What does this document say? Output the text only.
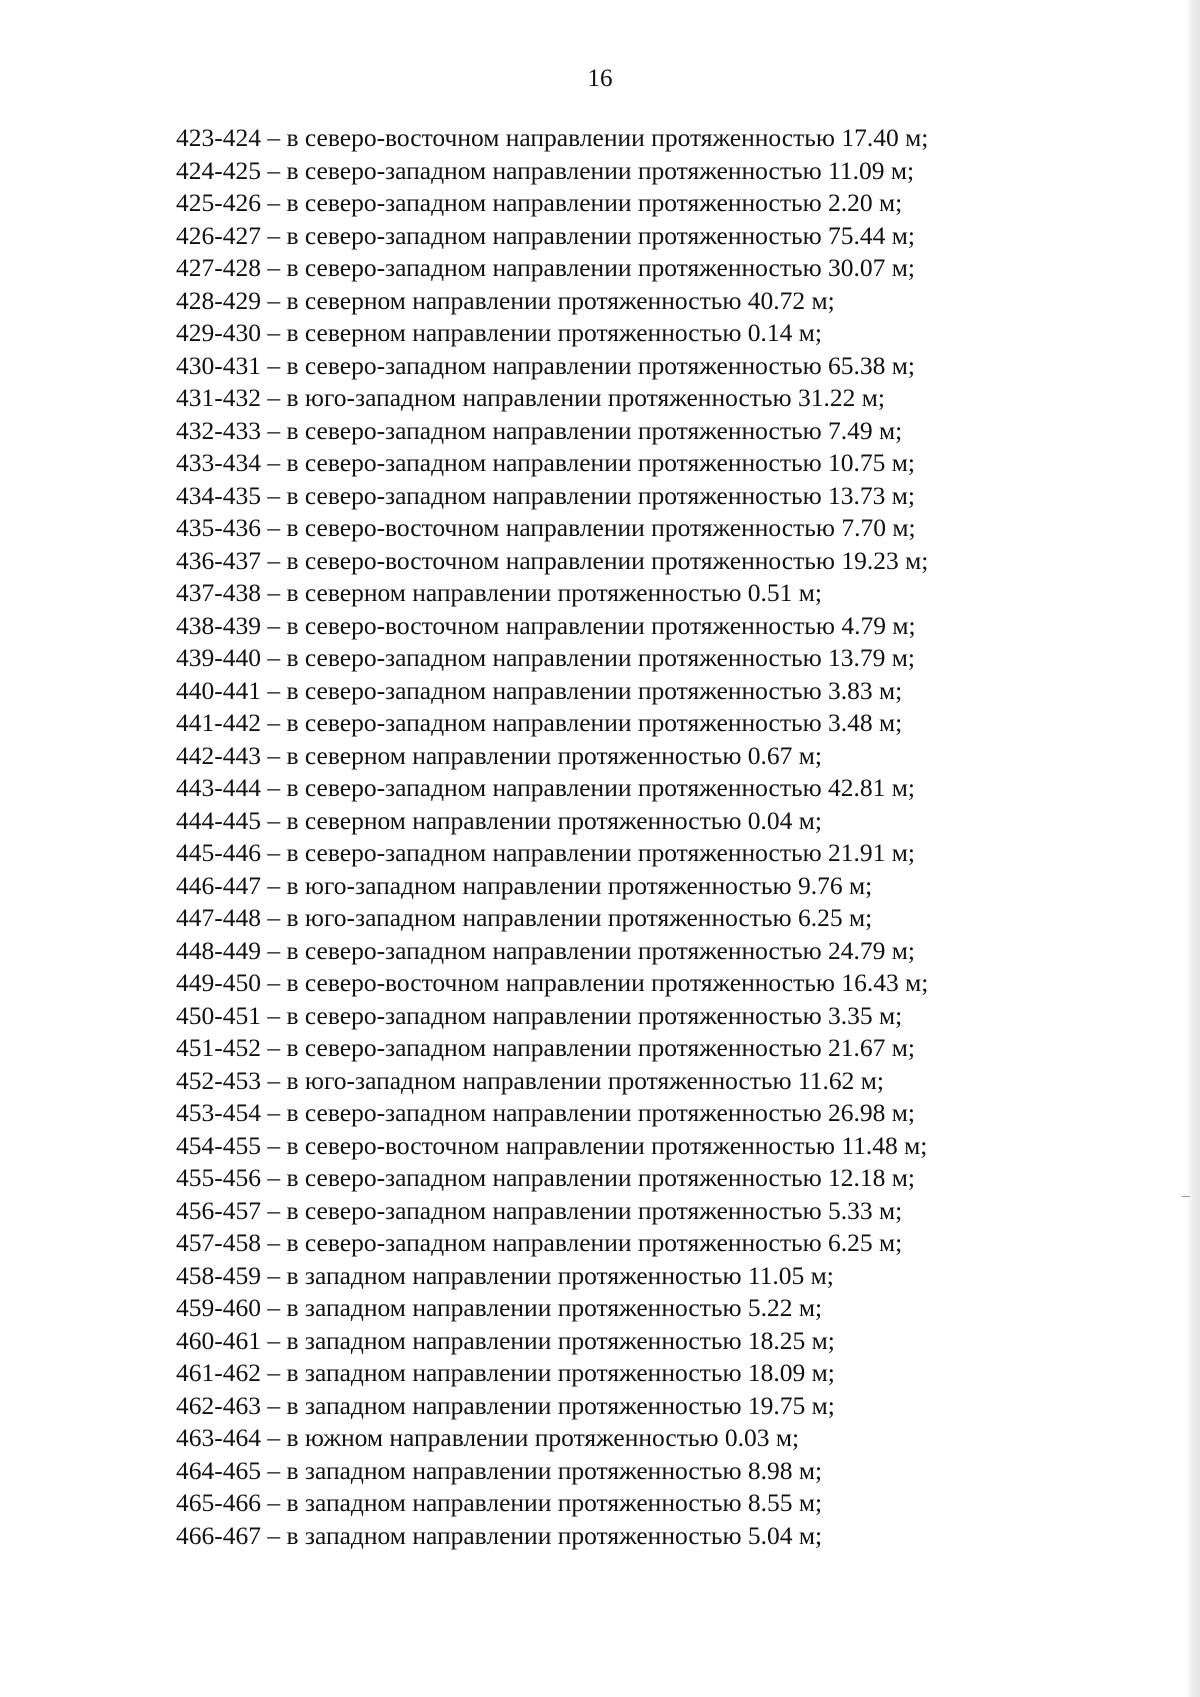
16
423-424 – в северо-восточном направлении протяженностью 17.40 м;
424-425 – в северо-западном направлении протяженностью 11.09 м;
425-426 – в северо-западном направлении протяженностью 2.20 м;
426-427 – в северо-западном направлении протяженностью 75.44 м;
427-428 – в северо-западном направлении протяженностью 30.07 м;
428-429 – в северном направлении протяженностью 40.72 м;
429-430 – в северном направлении протяженностью 0.14 м;
430-431 – в северо-западном направлении протяженностью 65.38 м;
431-432 – в юго-западном направлении протяженностью 31.22 м;
432-433 – в северо-западном направлении протяженностью 7.49 м;
433-434 – в северо-западном направлении протяженностью 10.75 м;
434-435 – в северо-западном направлении протяженностью 13.73 м;
435-436 – в северо-восточном направлении протяженностью 7.70 м;
436-437 – в северо-восточном направлении протяженностью 19.23 м;
437-438 – в северном направлении протяженностью 0.51 м;
438-439 – в северо-восточном направлении протяженностью 4.79 м;
439-440 – в северо-западном направлении протяженностью 13.79 м;
440-441 – в северо-западном направлении протяженностью 3.83 м;
441-442 – в северо-западном направлении протяженностью 3.48 м;
442-443 – в северном направлении протяженностью 0.67 м;
443-444 – в северо-западном направлении протяженностью 42.81 м;
444-445 – в северном направлении протяженностью 0.04 м;
445-446 – в северо-западном направлении протяженностью 21.91 м;
446-447 – в юго-западном направлении протяженностью 9.76 м;
447-448 – в юго-западном направлении протяженностью 6.25 м;
448-449 – в северо-западном направлении протяженностью 24.79 м;
449-450 – в северо-восточном направлении протяженностью 16.43 м;
450-451 – в северо-западном направлении протяженностью 3.35 м;
451-452 – в северо-западном направлении протяженностью 21.67 м;
452-453 – в юго-западном направлении протяженностью 11.62 м;
453-454 – в северо-западном направлении протяженностью 26.98 м;
454-455 – в северо-восточном направлении протяженностью 11.48 м;
455-456 – в северо-западном направлении протяженностью 12.18 м;
456-457 – в северо-западном направлении протяженностью 5.33 м;
457-458 – в северо-западном направлении протяженностью 6.25 м;
458-459 – в западном направлении протяженностью 11.05 м;
459-460 – в западном направлении протяженностью 5.22 м;
460-461 – в западном направлении протяженностью 18.25 м;
461-462 – в западном направлении протяженностью 18.09 м;
462-463 – в западном направлении протяженностью 19.75 м;
463-464 – в южном направлении протяженностью 0.03 м;
464-465 – в западном направлении протяженностью 8.98 м;
465-466 – в западном направлении протяженностью 8.55 м;
466-467 – в западном направлении протяженностью 5.04 м;
